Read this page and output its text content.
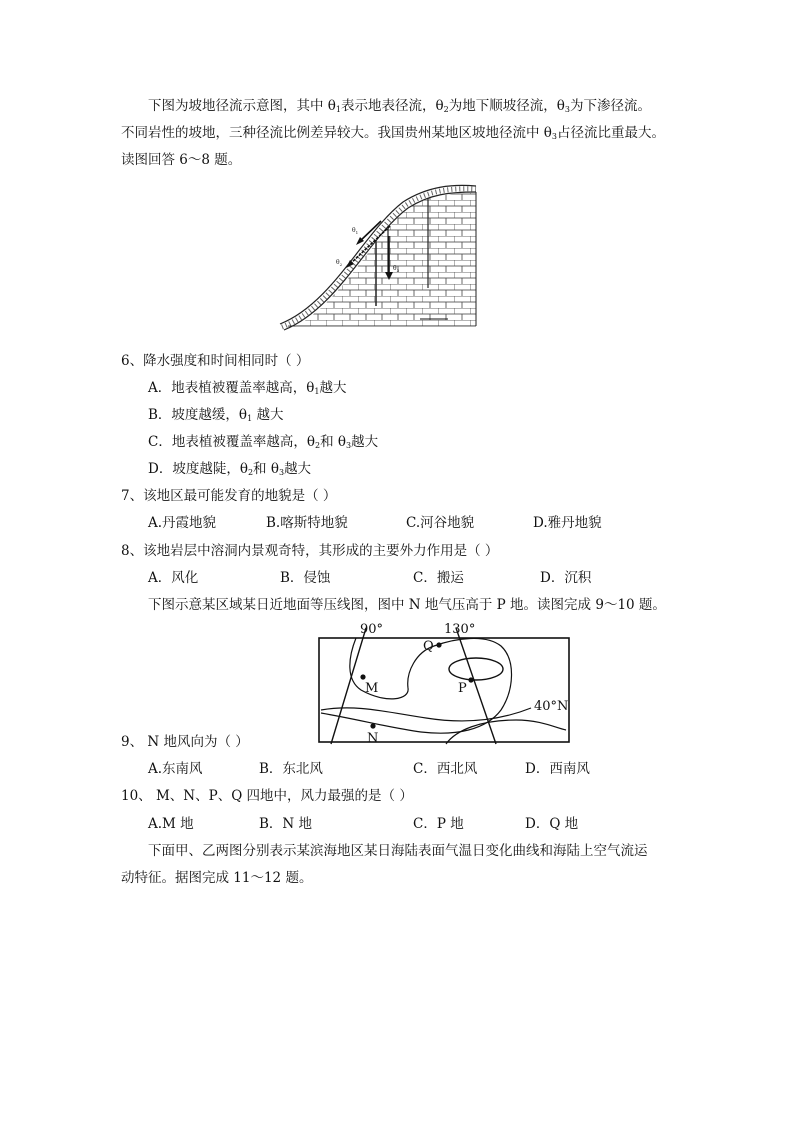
下图为坡地径流示意图，其中 $\theta_1$表示地表径流，$\theta_2$为地下顺坡径流，$\theta_3$为下渗径流。
不同岩性的坡地，三种径流比例差异较大。我国贵州某地区坡地径流中 $\theta_3$占径流比重最大。
读图回答 6～8 题。
$\theta_1$
$\theta_2$
$\theta_3$
6、降水强度和时间相同时（ ）
A．地表植被覆盖率越高，$\theta_1$越大
B．坡度越缓，$\theta_1$ 越大
C．地表植被覆盖率越高，$\theta_2$和 $\theta_3$越大
D．坡度越陡，$\theta_2$和 $\theta_3$越大
7、该地区最可能发育的地貌是（ ）
A.丹霞地貌	B.喀斯特地貌	C.河谷地貌	D.雅丹地貌
8、该地岩层中溶洞内景观奇特，其形成的主要外力作用是（ ）
A．风化	B．侵蚀	C．搬运	D．沉积
下图示意某区域某日近地面等压线图，图中 N 地气压高于 P 地。读图完成 9～10 题。
M
N
P
Q
90°	130°
40°N
9、 N 地风向为（ ）
A.东南风	B．东北风	C．西北风	D．西南风
10、 M、N、P、Q 四地中，风力最强的是（ ）
A.M 地	B．N 地	C．P 地	D．Q 地
下面甲、乙两图分别表示某滨海地区某日海陆表面气温日变化曲线和海陆上空气流运
动特征。据图完成 11～12 题。
